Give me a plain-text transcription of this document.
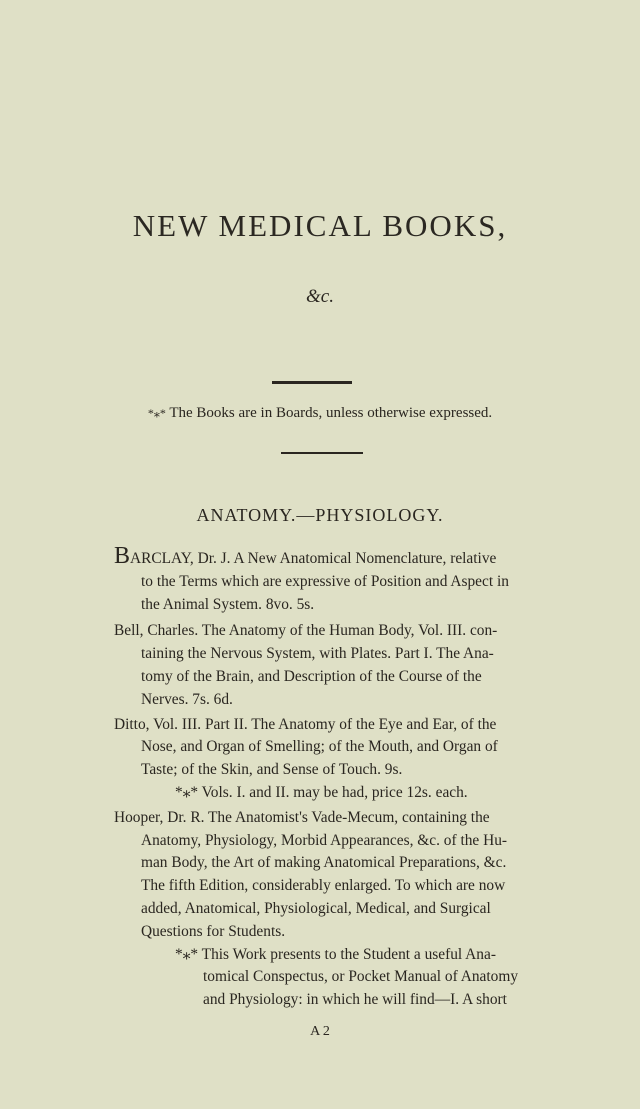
NEW MEDICAL BOOKS,
&c.
*⁎* The Books are in Boards, unless otherwise expressed.
ANATOMY.—PHYSIOLOGY.
BARCLAY, Dr. J. A New Anatomical Nomenclature, relative
to the Terms which are expressive of Position and Aspect in
the Animal System. 8vo. 5s.
Bell, Charles. The Anatomy of the Human Body, Vol. III. con-
taining the Nervous System, with Plates. Part I. The Ana-
tomy of the Brain, and Description of the Course of the
Nerves. 7s. 6d.
Ditto, Vol. III. Part II. The Anatomy of the Eye and Ear, of the
Nose, and Organ of Smelling; of the Mouth, and Organ of
Taste; of the Skin, and Sense of Touch. 9s.
*⁎* Vols. I. and II. may be had, price 12s. each.
Hooper, Dr. R. The Anatomist's Vade-Mecum, containing the
Anatomy, Physiology, Morbid Appearances, &c. of the Hu-
man Body, the Art of making Anatomical Preparations, &c.
The fifth Edition, considerably enlarged. To which are now
added, Anatomical, Physiological, Medical, and Surgical
Questions for Students.
*⁎* This Work presents to the Student a useful Ana-
tomical Conspectus, or Pocket Manual of Anatomy
and Physiology: in which he will find—I. A short
A 2
